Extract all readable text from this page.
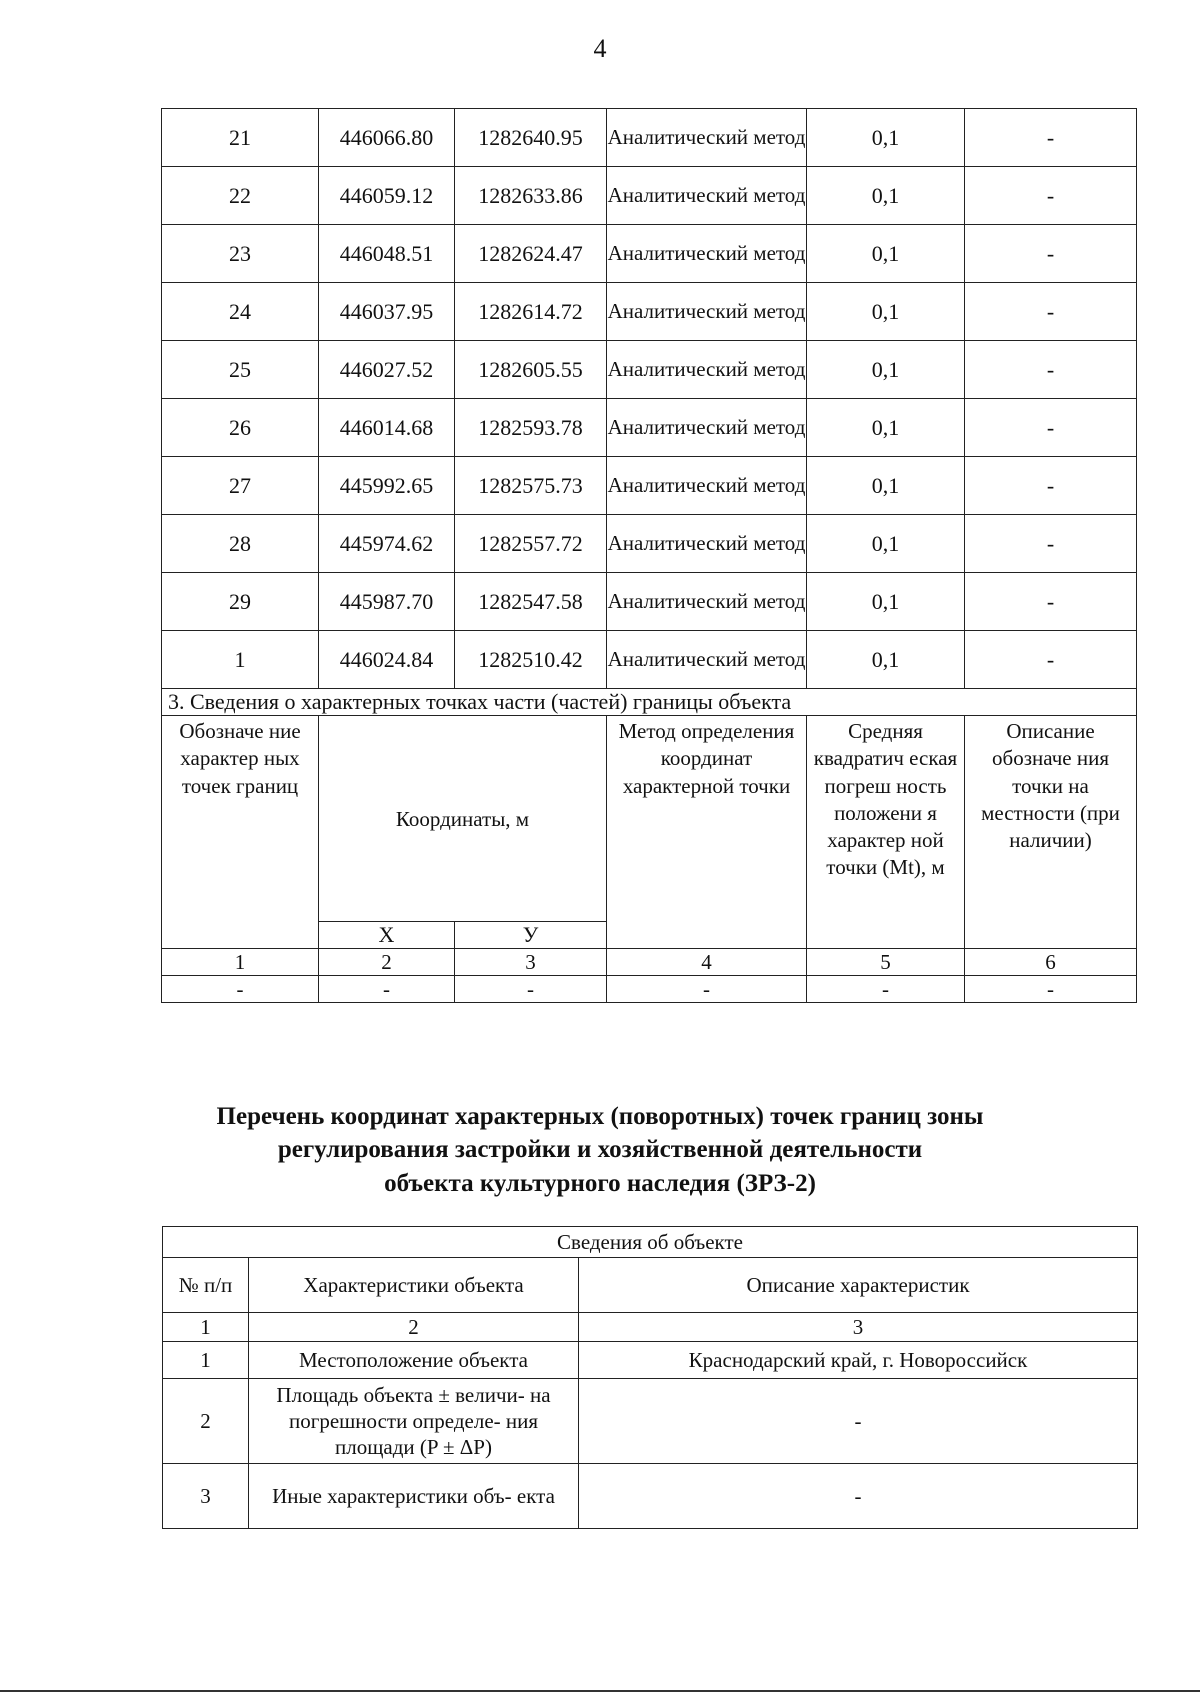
4
21	446066.80	1282640.95	Аналитический метод	0,1	-
22	446059.12	1282633.86	Аналитический метод	0,1	-
23	446048.51	1282624.47	Аналитический метод	0,1	-
24	446037.95	1282614.72	Аналитический метод	0,1	-
25	446027.52	1282605.55	Аналитический метод	0,1	-
26	446014.68	1282593.78	Аналитический метод	0,1	-
27	445992.65	1282575.73	Аналитический метод	0,1	-
28	445974.62	1282557.72	Аналитический метод	0,1	-
29	445987.70	1282547.58	Аналитический метод	0,1	-
1	446024.84	1282510.42	Аналитический метод	0,1	-
3. Сведения о характерных точках части (частей) границы объекта					
Обозначе ние характер ных точек границ	Координаты, м		Метод определения координат характерной точки	Средняя квадратич еская погреш ность положени я характер ной точки (Mt), м	Описание обозначе ния точки на местности (при наличии)
	Х	У			
1	2	3	4	5	6
-	-	-	-	-	-
Перечень координат характерных (поворотных) точек границ зоны
регулирования застройки и хозяйственной деятельности
объекта культурного наследия (ЗРЗ-2)
Сведения об объекте		
№ п/п	Характеристики объекта	Описание характеристик
1	2	3
1	Местоположение объекта	Краснодарский край, г. Новороссийск
2	Площадь объекта ± величи- на погрешности определе- ния площади (P ± ΔP)	-
3	Иные характеристики объ- екта	-
